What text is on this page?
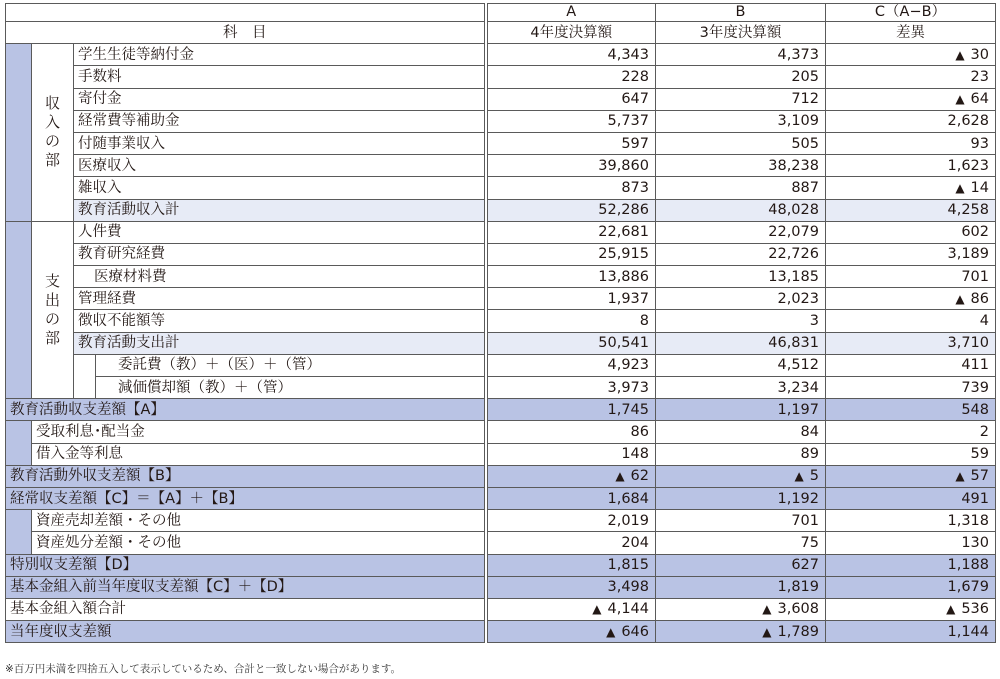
				A	B	C（A−B）
科　目				4年度決算額	3年度決算額	差異
	収
入
の
部	学生生徒等納付金		4,343	4,373	▲ 30
		手数料		228	205	23
		寄付金		647	712	▲ 64
		経常費等補助金		5,737	3,109	2,628
		付随事業収入		597	505	93
		医療収入		39,860	38,238	1,623
		雑収入		873	887	▲ 14
		教育活動収入計		52,286	48,028	4,258
	支
出
の
部	人件費		22,681	22,079	602
		教育研究経費		25,915	22,726	3,189
		医療材料費		13,886	13,185	701
		管理経費		1,937	2,023	▲ 86
		徴収不能額等		8	3	4
		教育活動支出計		50,541	46,831	3,710
			委託費（教）＋（医）＋（管）	4,923	4,512	411
			減価償却額（教）＋（管）	3,973	3,234	739
教育活動収支差額【A】				1,745	1,197	548
	受取利息･配当金			86	84	2
	借入金等利息			148	89	59
教育活動外収支差額【B】				▲ 62	▲ 5	▲ 57
経常収支差額【C】＝【A】＋【B】				1,684	1,192	491
	資産売却差額・その他			2,019	701	1,318
	資産処分差額・その他			204	75	130
特別収支差額【D】				1,815	627	1,188
基本金組入前当年度収支差額【C】＋【D】				3,498	1,819	1,679
基本金組入額合計				▲ 4,144	▲ 3,608	▲ 536
当年度収支差額				▲ 646	▲ 1,789	1,144
※百万円未満を四捨五入して表示しているため、合計と一致しない場合があります。
